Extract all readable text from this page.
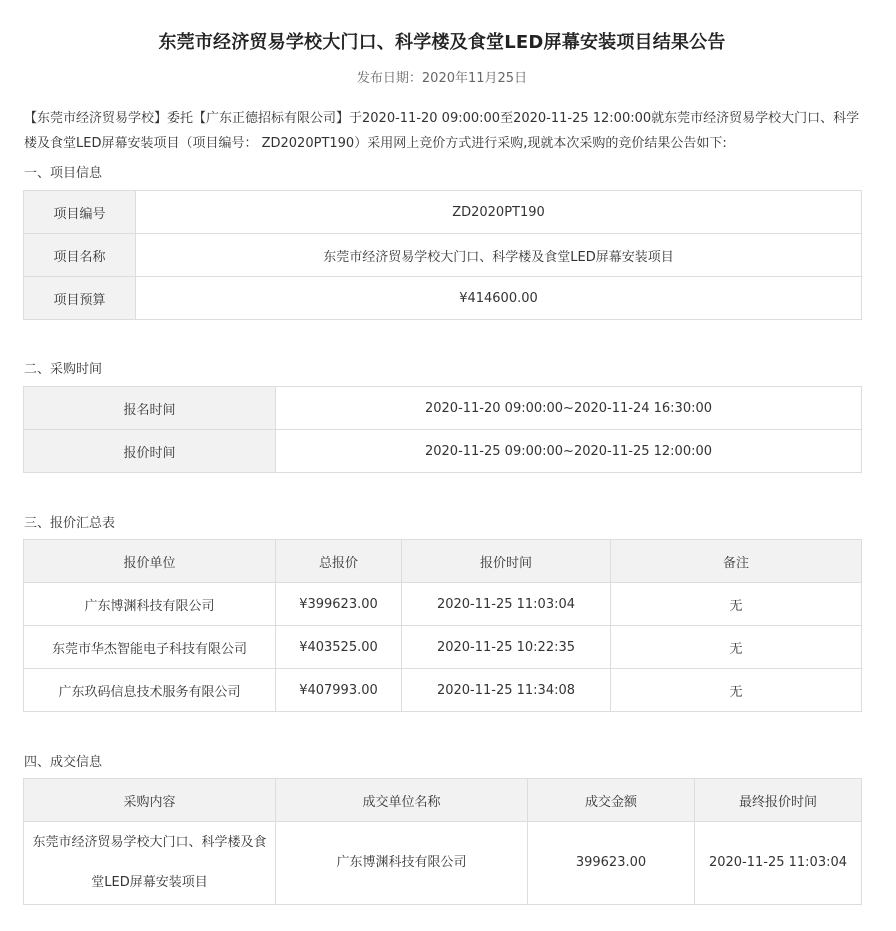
东莞市经济贸易学校大门口、科学楼及食堂LED屏幕安装项目结果公告
发布日期：2020年11月25日
【东莞市经济贸易学校】委托【广东正德招标有限公司】于2020-11-20 09:00:00至2020-11-25 12:00:00就东莞市经济贸易学校大门口、科学楼及食堂LED屏幕安装项目（项目编号： ZD2020PT190）采用网上竞价方式进行采购,现就本次采购的竞价结果公告如下:
一、项目信息
项目编号	ZD2020PT190
项目名称	东莞市经济贸易学校大门口、科学楼及食堂LED屏幕安装项目
项目预算	¥414600.00
二、采购时间
报名时间	2020-11-20 09:00:00~2020-11-24 16:30:00
报价时间	2020-11-25 09:00:00~2020-11-25 12:00:00
三、报价汇总表
报价单位	总报价	报价时间	备注
广东博渊科技有限公司	¥399623.00	2020-11-25 11:03:04	无
东莞市华杰智能电子科技有限公司	¥403525.00	2020-11-25 10:22:35	无
广东玖码信息技术服务有限公司	¥407993.00	2020-11-25 11:34:08	无
四、成交信息
采购内容	成交单位名称	成交金额	最终报价时间
东莞市经济贸易学校大门口、科学楼及食堂LED屏幕安装项目	广东博渊科技有限公司	399623.00	2020-11-25 11:03:04
